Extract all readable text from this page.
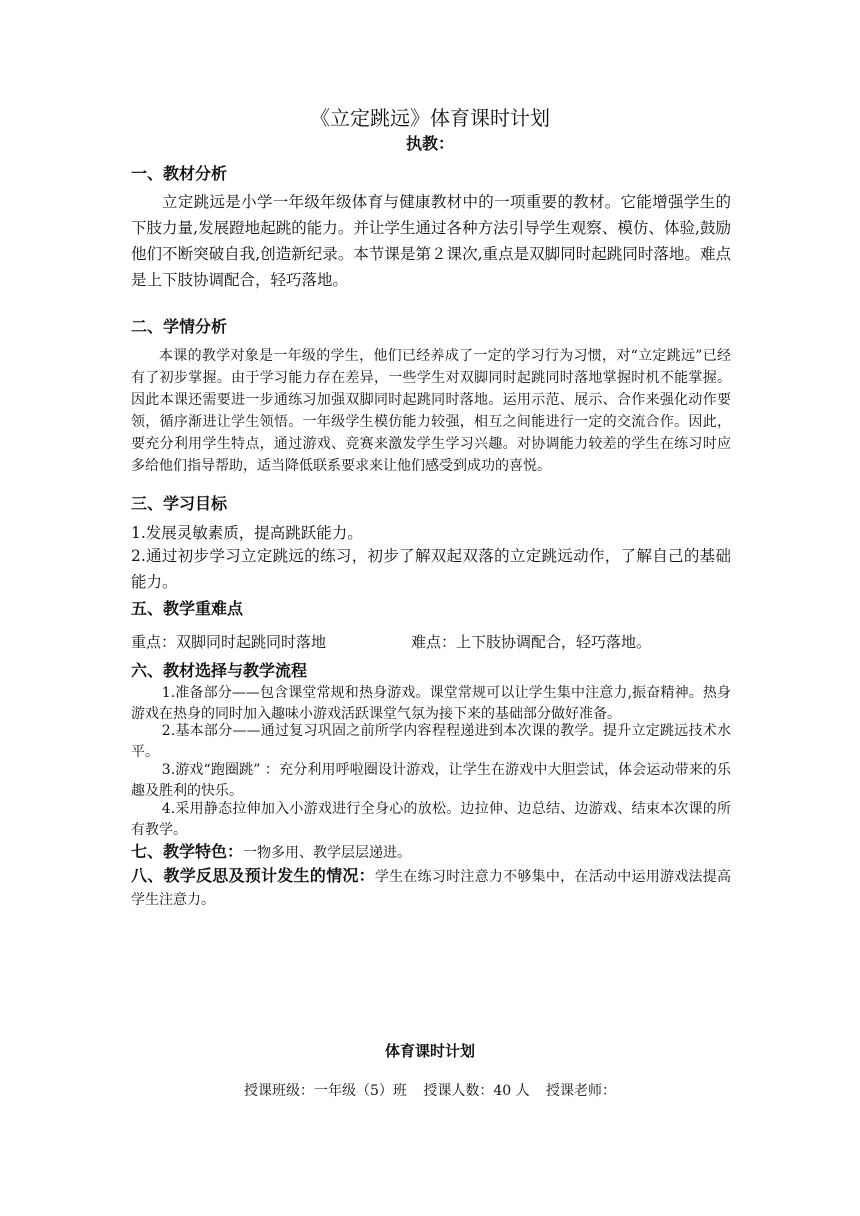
《立定跳远》体育课时计划
执教：
一、教材分析

立定跳远是小学一年级年级体育与健康教材中的一项重要的教材。它能增强学生的下肢力量,发展蹬地起跳的能力。并让学生通过各种方法引导学生观察、模仿、体验,鼓励他们不断突破自我,创造新纪录。本节课是第２课次,重点是双脚同时起跳同时落地。难点是上下肢协调配合，轻巧落地。

二、学情分析

本课的教学对象是一年级的学生，他们已经养成了一定的学习行为习惯，对“立定跳远”已经有了初步掌握。由于学习能力存在差异，一些学生对双脚同时起跳同时落地掌握时机不能掌握。因此本课还需要进一步通练习加强双脚同时起跳同时落地。运用示范、展示、合作来强化动作要领，循序渐进让学生领悟。一年级学生模仿能力较强，相互之间能进行一定的交流合作。因此，要充分利用学生特点，通过游戏、竞赛来激发学生学习兴趣。对协调能力较差的学生在练习时应多给他们指导帮助，适当降低联系要求来让他们感受到成功的喜悦。

三、学习目标

1.发展灵敏素质，提高跳跃能力。

2.通过初步学习立定跳远的练习，初步了解双起双落的立定跳远动作，了解自己的基础能力。

五、教学重难点
重点：双脚同时起跳同时落地	难点：上下肢协调配合，轻巧落地。
六、教材选择与教学流程

1.准备部分——包含课堂常规和热身游戏。课堂常规可以让学生集中注意力,振奋精神。热身游戏在热身的同时加入趣味小游戏活跃课堂气氛为接下来的基础部分做好准备。

2.基本部分——通过复习巩固之前所学内容程程递进到本次课的教学。提升立定跳远技术水平。

3.游戏“跑圈跳” ：充分利用呼啦圈设计游戏，让学生在游戏中大胆尝试，体会运动带来的乐趣及胜利的快乐。

4.采用静态拉伸加入小游戏进行全身心的放松。边拉伸、边总结、边游戏、结束本次课的所有教学。

七、教学特色：一物多用、教学层层递进。

八、教学反思及预计发生的情况：学生在练习时注意力不够集中，在活动中运用游戏法提高学生注意力。

体育课时计划
授课班级：一年级（5）班 授课人数：40 人 授课老师：
